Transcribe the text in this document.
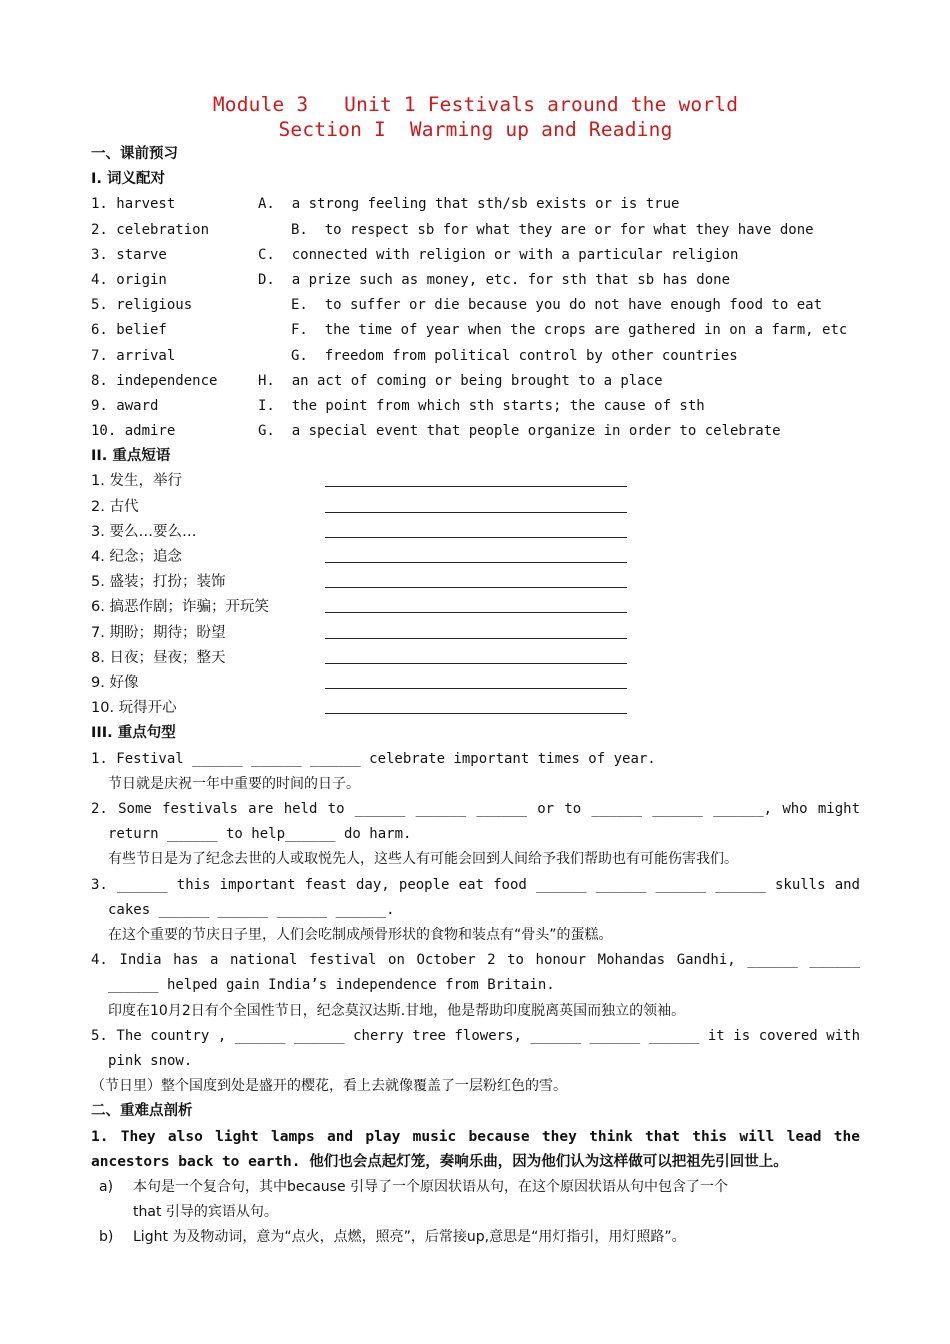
Module 3   Unit 1 Festivals around the world
Section I  Warming up and Reading
一、课前预习
I. 词义配对
1. harvest	A.  a strong feeling that sth/sb exists or is true
2. celebration	B.  to respect sb for what they are or for what they have done
3. starve	C.  connected with religion or with a particular religion
4. origin	D.  a prize such as money, etc. for sth that sb has done
5. religious	E.  to suffer or die because you do not have enough food to eat
6. belief	F.  the time of year when the crops are gathered in on a farm, etc
7. arrival	G.  freedom from political control by other countries
8. independence	H.  an act of coming or being brought to a place
9. award	I.  the point from which sth starts; the cause of sth
10. admire	G.  a special event that people organize in order to celebrate
II. 重点短语
1. 发生，举行
2. 古代
3. 要么…要么…
4. 纪念；追念
5. 盛装；打扮；装饰
6. 搞恶作剧；诈骗；开玩笑
7. 期盼；期待；盼望
8. 日夜；昼夜；整天
9. 好像
10. 玩得开心
III. 重点句型
1. Festival ______ ______ ______ celebrate important times of year.
节日就是庆祝一年中重要的时间的日子。
2. Some festivals are held to ______ ______ ______ or to ______ ______ ______, who might
return ______ to help______ do harm.
有些节日是为了纪念去世的人或取悦先人，这些人有可能会回到人间给予我们帮助也有可能伤害我们。
3. ______ this important feast day, people eat food ______ ______ ______ ______ skulls and
cakes ______ ______ ______ ______.
在这个重要的节庆日子里，人们会吃制成颅骨形状的食物和装点有“骨头”的蛋糕。
4. India has a national festival on October 2 to honour Mohandas Gandhi, ______ ______
______ helped gain India’s independence from Britain.
印度在10月2日有个全国性节日，纪念莫汉达斯.甘地，他是帮助印度脱离英国而独立的领袖。
5. The country , ______ ______ cherry tree flowers, ______ ______ ______ it is covered with
pink snow.
（节日里）整个国度到处是盛开的樱花，看上去就像覆盖了一层粉红色的雪。
二、重难点剖析
1. They also light lamps and play music because they think that this will lead the
ancestors back to earth. 他们也会点起灯笼，奏响乐曲，因为他们认为这样做可以把祖先引回世上。
a) 本句是一个复合句，其中because 引导了一个原因状语从句，在这个原因状语从句中包含了一个
that 引导的宾语从句。
b) Light 为及物动词，意为“点火，点燃，照亮”，后常接up,意思是“用灯指引，用灯照路”。
